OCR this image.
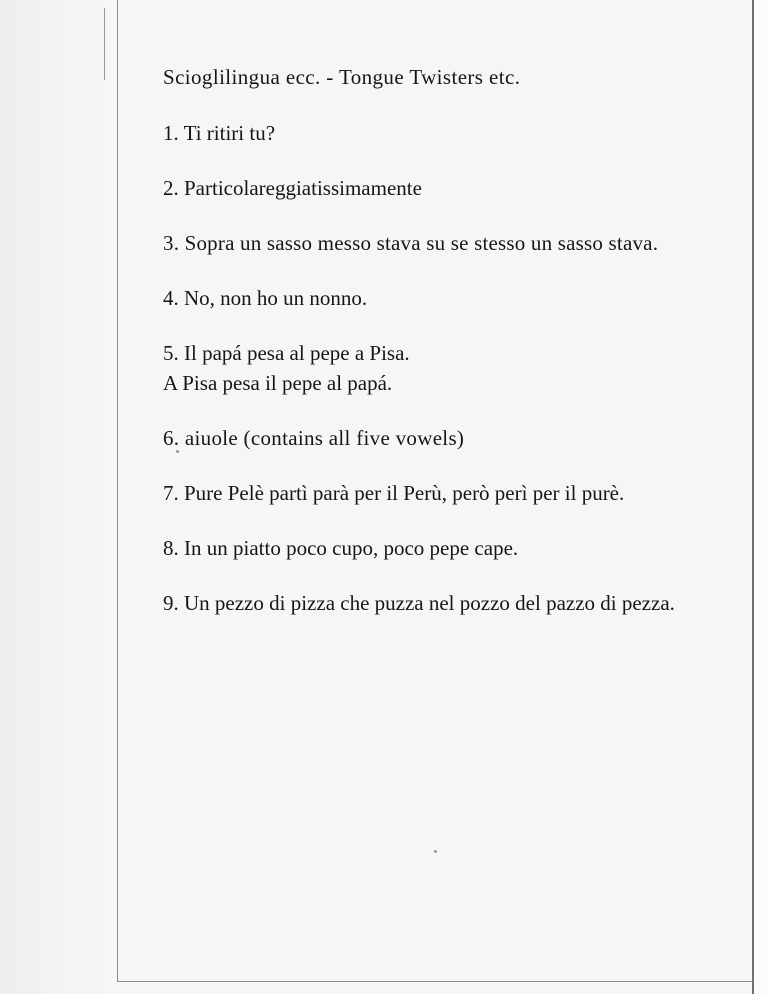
Scioglilingua ecc. - Tongue Twisters etc.
1. Ti ritiri tu?
2. Particolareggiatissimamente
3. Sopra un sasso messo stava su se stesso un sasso stava.
4. No, non ho un nonno.
5. Il papá pesa al pepe a Pisa.
A Pisa pesa il pepe al papá.
6. aiuole (contains all five vowels)
7. Pure Pelè partì parà per il Perù, però perì per il purè.
8. In un piatto poco cupo, poco pepe cape.
9. Un pezzo di pizza che puzza nel pozzo del pazzo di pezza.
